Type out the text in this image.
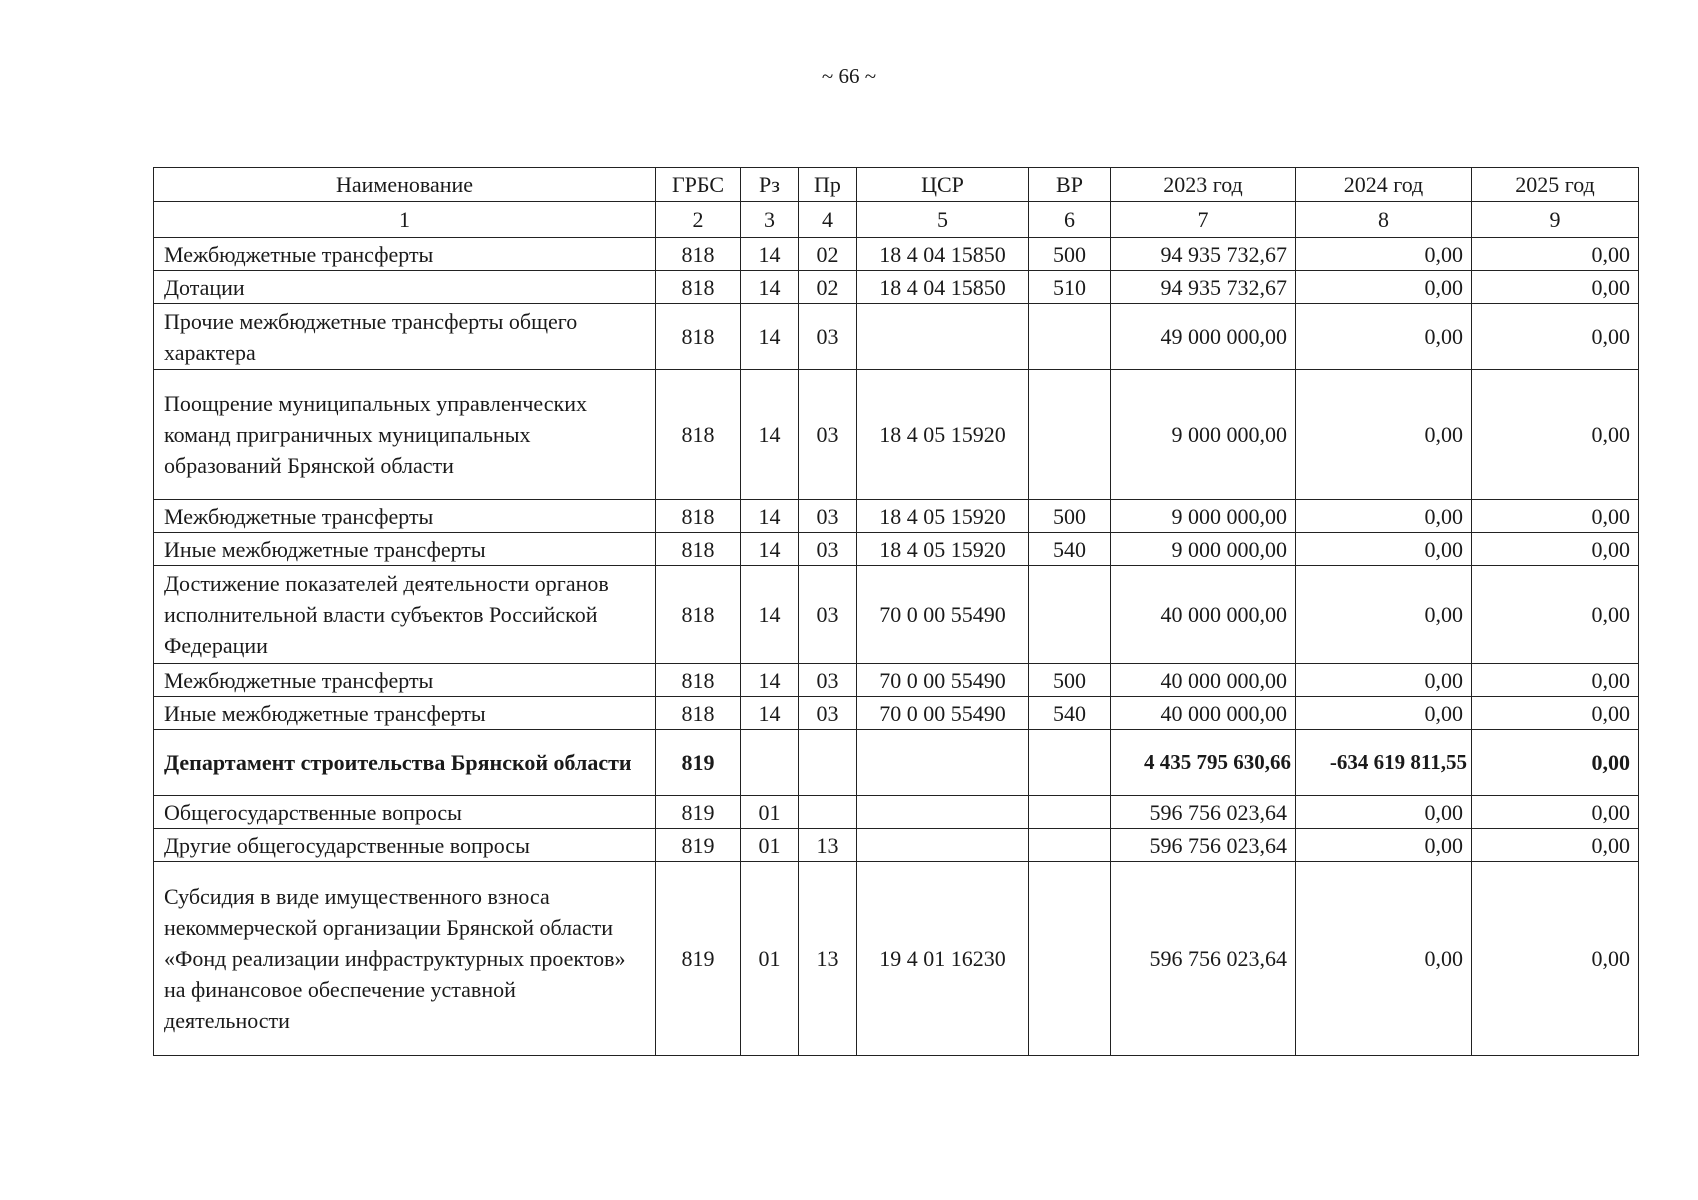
~ 66 ~
Наименование	ГРБС	Рз	Пр	ЦСР	ВР	2023 год	2024 год	2025 год
1	2	3	4	5	6	7	8	9
Межбюджетные трансферты	818	14	02	18 4 04 15850	500	94 935 732,67	0,00	0,00
Дотации	818	14	02	18 4 04 15850	510	94 935 732,67	0,00	0,00
Прочие межбюджетные трансферты общего характера	818	14	03			49 000 000,00	0,00	0,00
Поощрение муниципальных управленческих команд приграничных муниципальных образований Брянской области	818	14	03	18 4 05 15920		9 000 000,00	0,00	0,00
Межбюджетные трансферты	818	14	03	18 4 05 15920	500	9 000 000,00	0,00	0,00
Иные межбюджетные трансферты	818	14	03	18 4 05 15920	540	9 000 000,00	0,00	0,00
Достижение показателей деятельности органов исполнительной власти субъектов Российской Федерации	818	14	03	70 0 00 55490		40 000 000,00	0,00	0,00
Межбюджетные трансферты	818	14	03	70 0 00 55490	500	40 000 000,00	0,00	0,00
Иные межбюджетные трансферты	818	14	03	70 0 00 55490	540	40 000 000,00	0,00	0,00
Департамент строительства Брянской области	819					4 435 795 630,66	-634 619 811,55	0,00
Общегосударственные вопросы	819	01				596 756 023,64	0,00	0,00
Другие общегосударственные вопросы	819	01	13			596 756 023,64	0,00	0,00
Субсидия в виде имущественного взноса некоммерческой организации Брянской области «Фонд реализации инфраструктурных проектов» на финансовое обеспечение уставной деятельности	819	01	13	19 4 01 16230		596 756 023,64	0,00	0,00
